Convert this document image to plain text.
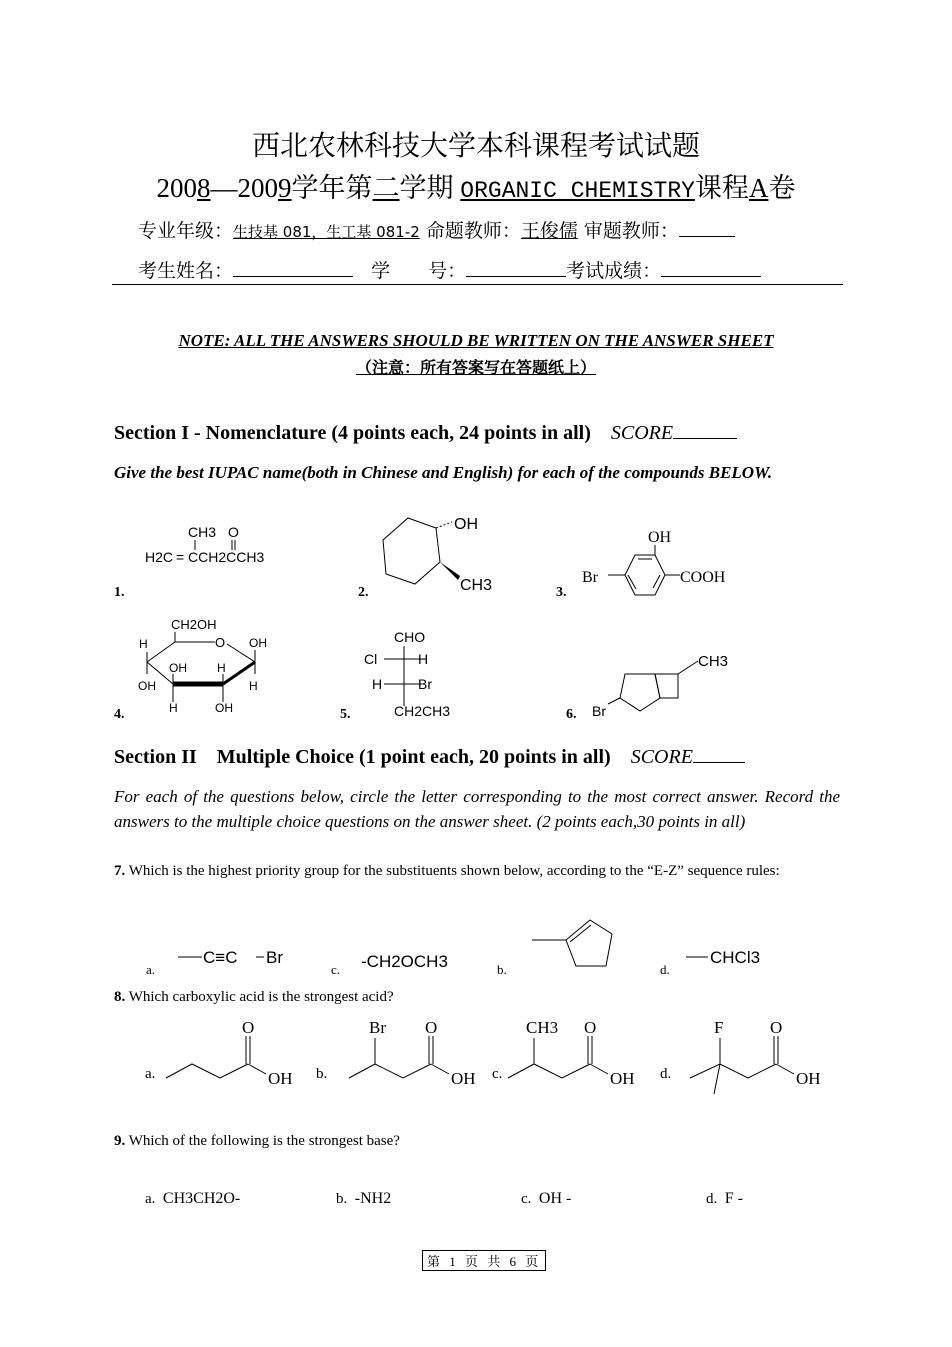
西北农林科技大学本科课程考试试题
2008—2009学年第二学期 ORGANIC CHEMISTRY课程A卷
专业年级：生技基 081，生工基 081-2 命题教师：王俊儒 审题教师：
考生姓名：	学　　号：	考试成绩：
NOTE: ALL THE ANSWERS SHOULD BE WRITTEN ON THE ANSWER SHEET
（注意：所有答案写在答题纸上）
Section I - Nomenclature (4 points each, 24 points in all) SCORE
Give the best IUPAC name(both in Chinese and English) for each of the compounds BELOW.
1.	2.	3.
4.	5.	6.
CH3 O
H2C = CCH2CCH3
OH
CH3
OH
Br	COOH
CH2OH
O
H
OH
OH
H
OH
H
H
OH
CHO
Cl	H
H	Br
CH2CH3
CH3
Br
Section II    Multiple Choice (1 point each, 20 points in all) SCORE
For each of the questions below, circle the letter corresponding to the most correct answer. Record the answers to the multiple choice questions on the answer sheet. (2 points each,30 points in all)
7. Which is the highest priority group for the substituents shown below, according to the “E-Z” sequence rules:
a.
C≡C Br
c. -CH2OCH3	b.	d.
CHCl3
8. Which carboxylic acid is the strongest acid?
a.
O
OH b.
Br O
OH c.
CH3 O
OH d.
F	O
OH
9. Which of the following is the strongest base?
a. CH3CH2O-	b. -NH2	c. OH -	d. F -
第 1 页 共 6 页
